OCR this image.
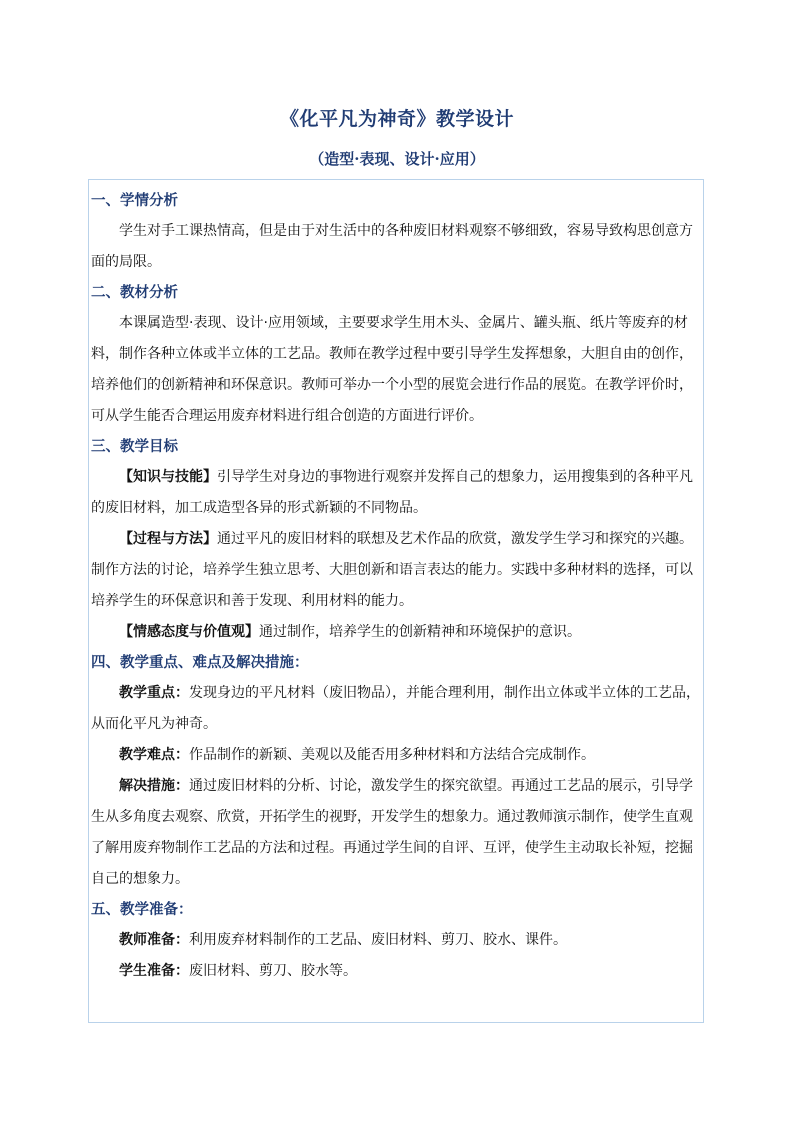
《化平凡为神奇》教学设计
（造型·表现、设计·应用）
一、学情分析
学生对手工课热情高，但是由于对生活中的各种废旧材料观察不够细致，容易导致构思创意方面的局限。
二、教材分析
本课属造型·表现、设计·应用领域，主要要求学生用木头、金属片、罐头瓶、纸片等废弃的材料，制作各种立体或半立体的工艺品。教师在教学过程中要引导学生发挥想象，大胆自由的创作，培养他们的创新精神和环保意识。教师可举办一个小型的展览会进行作品的展览。在教学评价时，可从学生能否合理运用废弃材料进行组合创造的方面进行评价。
三、教学目标
【知识与技能】引导学生对身边的事物进行观察并发挥自己的想象力，运用搜集到的各种平凡的废旧材料，加工成造型各异的形式新颖的不同物品。
【过程与方法】通过平凡的废旧材料的联想及艺术作品的欣赏，激发学生学习和探究的兴趣。制作方法的讨论，培养学生独立思考、大胆创新和语言表达的能力。实践中多种材料的选择，可以培养学生的环保意识和善于发现、利用材料的能力。
【情感态度与价值观】通过制作，培养学生的创新精神和环境保护的意识。
四、教学重点、难点及解决措施：
教学重点：发现身边的平凡材料（废旧物品），并能合理利用，制作出立体或半立体的工艺品，从而化平凡为神奇。
教学难点：作品制作的新颖、美观以及能否用多种材料和方法结合完成制作。
解决措施：通过废旧材料的分析、讨论，激发学生的探究欲望。再通过工艺品的展示，引导学生从多角度去观察、欣赏，开拓学生的视野，开发学生的想象力。通过教师演示制作，使学生直观了解用废弃物制作工艺品的方法和过程。再通过学生间的自评、互评，使学生主动取长补短，挖掘自己的想象力。
五、教学准备：
教师准备：利用废弃材料制作的工艺品、废旧材料、剪刀、胶水、课件。
学生准备：废旧材料、剪刀、胶水等。
